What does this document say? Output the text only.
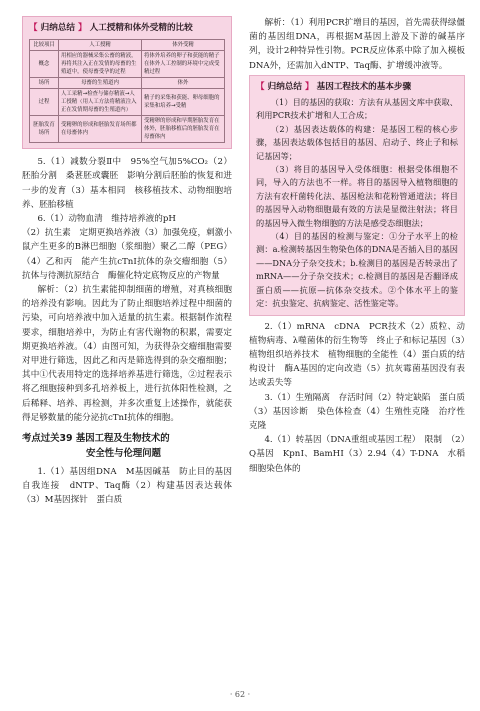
【 归纳总结 】 人工授精和体外受精的比较
比较项目	人工授精	体外受精
概念	用相应的器械采集公畜的精液，再将其注入正在发情的母畜的生殖道中，使母畜受孕的过程	将体外培养的卵子和获能的精子在体外人工控制的环境中完成受精过程
场所	母畜的生殖道内	体外
过程	人工采精→检查与储存精液→人工授精（用人工方法将精液注入正在发情期母畜的生殖道内）	精子的采集和获能、卵母细胞的采集和培养→受精
胚胎发育场所	受精卵的形成和胚胎发育场所都在母畜体内	受精卵的形成和早期胚胎发育在体外，胚胎移植后的胚胎发育在母畜体内

5.（1）减数分裂Ⅱ中　95%空气加5%CO₂（2）胚胎分割　桑葚胚或囊胚　影响分割后胚胎的恢复和进一步的发育（3）基本相同　核移植技术、动物细胞培养、胚胎移植

6.（1）动物血清　维持培养液的pH

（2）抗生素　定期更换培养液（3）加强免疫，刺激小鼠产生更多的B淋巴细胞（浆细胞）聚乙二醇（PEG）（4）乙和丙　能产生抗cTnI抗体的杂交瘤细胞（5）抗体与待测抗原结合　酶催化特定底物反应的产物量

解析：（2）抗生素能抑制细菌的增殖，对真核细胞的培养没有影响。因此为了防止细胞培养过程中细菌的污染，可向培养液中加入适量的抗生素。根据制作流程要求，细胞培养中，为防止有害代谢物的积累，需要定期更换培养液。（4）由图可知，为获得杂交瘤细胞需要对甲进行筛选，因此乙和丙是筛选得到的杂交瘤细胞；其中①代表用特定的选择培养基进行筛选，②过程表示将乙细胞接种到多孔培养板上，进行抗体阳性检测，之后稀释、培养、再检测，并多次重复上述操作，就能获得足够数量的能分泌抗cTnI抗体的细胞。

考点过关39 基因工程及生物技术的
安全性与伦理问题

1.（1）基因组DNA　M基因碱基　防止目的基因自我连接　dNTP、Taq酶（2）构建基因表达载体（3）M基因探针　蛋白质

解析：（1）利用PCR扩增目的基因，首先需获得绿僵菌的基因组DNA，再根据M基因上游及下游的碱基序列，设计2种特异性引物。PCR反应体系中除了加入模板DNA外，还需加入dNTP、Taq酶、扩增缓冲液等。

【 归纳总结 】 基因工程技术的基本步骤

（1）目的基因的获取：方法有从基因文库中获取、利用PCR技术扩增和人工合成；

（2）基因表达载体的构建：是基因工程的核心步骤，基因表达载体包括目的基因、启动子、终止子和标记基因等；

（3）将目的基因导入受体细胞：根据受体细胞不同，导入的方法也不一样。将目的基因导入植物细胞的方法有农杆菌转化法、基因枪法和花粉管通道法；将目的基因导入动物细胞最有效的方法是显微注射法；将目的基因导入微生物细胞的方法是感受态细胞法；

（4）目的基因的检测与鉴定：①分子水平上的检测：a.检测转基因生物染色体的DNA是否插入目的基因——DNA分子杂交技术；b.检测目的基因是否转录出了mRNA——分子杂交技术；c.检测目的基因是否翻译成蛋白质——抗原—抗体杂交技术。②个体水平上的鉴定：抗虫鉴定、抗病鉴定、活性鉴定等。

2.（1）mRNA　cDNA　PCR技术（2）质粒、动植物病毒、λ噬菌体的衍生物等　终止子和标记基因（3）植物组织培养技术　植物细胞的全能性（4）蛋白质的结构设计　酶A基因的定向改造（5）抗灰霉菌基因没有表达或丢失等

3.（1）生殖隔离　存活时间（2）特定缺陷　蛋白质（3）基因诊断　染色体检查（4）生殖性克隆　治疗性克隆

4.（1）转基因（DNA重组或基因工程）　限制　（2）Q基因　KpnⅠ、BamHⅠ（3）2.94（4）T-DNA　水稻细胞染色体的

· 62 ·
